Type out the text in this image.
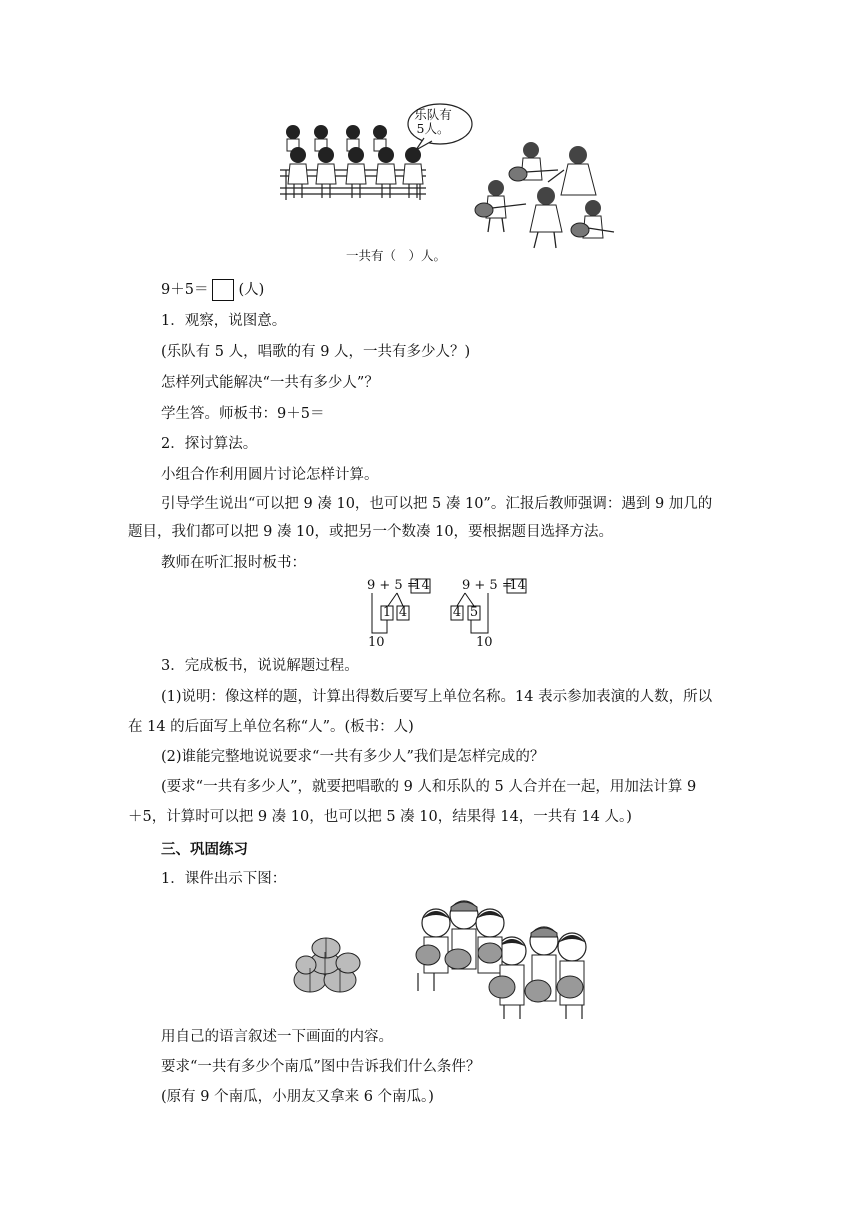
乐队有
5人。
一共有（　）人。
9＋5＝ (人)
1．观察，说图意。
(乐队有 5 人，唱歌的有 9 人，一共有多少人？)
怎样列式能解决“一共有多少人”？
学生答。师板书：9＋5＝
2．探讨算法。
小组合作利用圆片讨论怎样计算。
引导学生说出“可以把 9 凑 10，也可以把 5 凑 10”。汇报后教师强调：遇到 9 加几的
题目，我们都可以把 9 凑 10，或把另一个数凑 10，要根据题目选择方法。
教师在听汇报时板书：
9 + 5 =
14
1 4
10
9 + 5 =
14
4 5
10
3．完成板书，说说解题过程。
(1)说明：像这样的题，计算出得数后要写上单位名称。14 表示参加表演的人数，所以
在 14 的后面写上单位名称“人”。(板书：人)
(2)谁能完整地说说要求“一共有多少人”我们是怎样完成的？
(要求“一共有多少人”，就要把唱歌的 9 人和乐队的 5 人合并在一起，用加法计算 9
＋5，计算时可以把 9 凑 10，也可以把 5 凑 10，结果得 14，一共有 14 人。)
三、巩固练习
1．课件出示下图：
用自己的语言叙述一下画面的内容。
要求“一共有多少个南瓜”图中告诉我们什么条件？
(原有 9 个南瓜，小朋友又拿来 6 个南瓜。)
